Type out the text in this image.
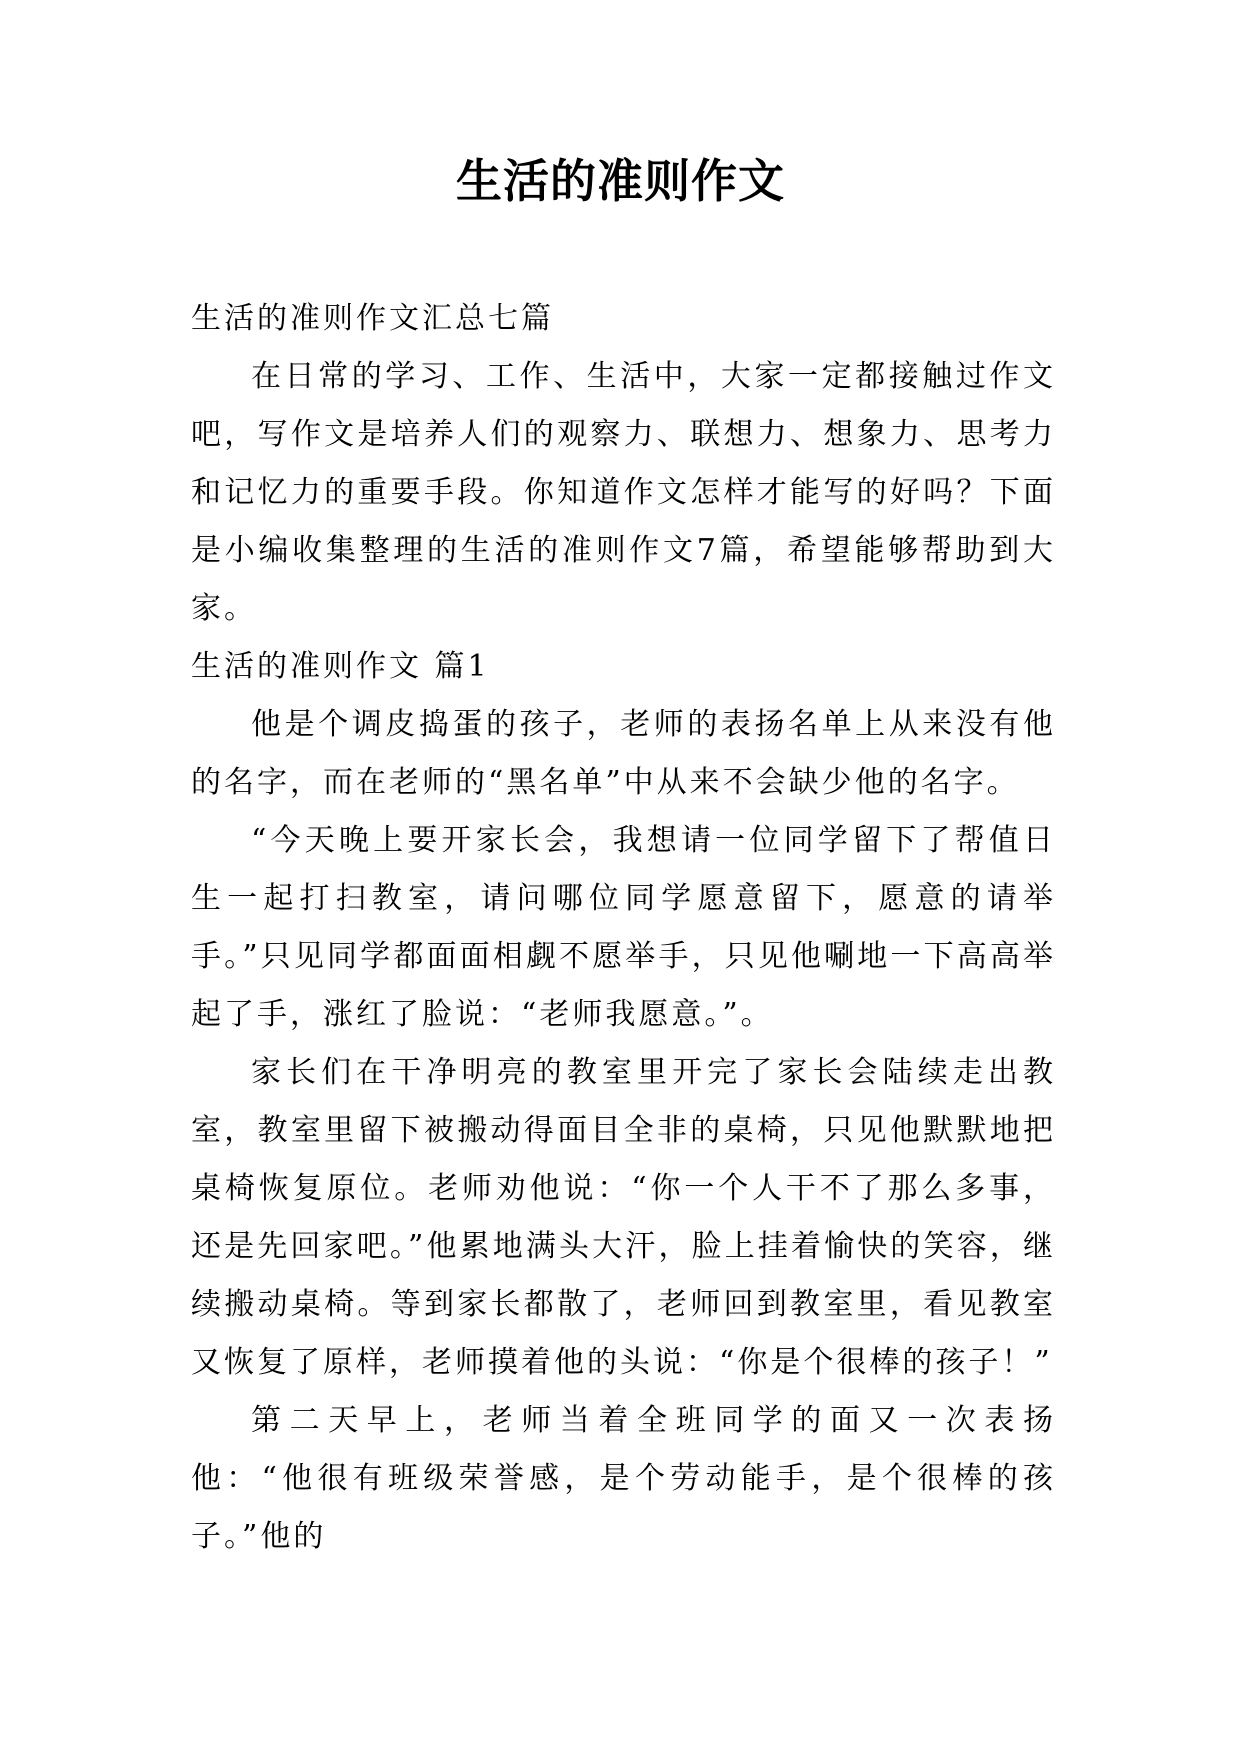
生活的准则作文

生活的准则作文汇总七篇

在日常的学习、工作、生活中，大家一定都接触过作文吧，写作文是培养人们的观察力、联想力、想象力、思考力和记忆力的重要手段。你知道作文怎样才能写的好吗？下面是小编收集整理的生活的准则作文7篇，希望能够帮助到大家。

生活的准则作文 篇1

他是个调皮捣蛋的孩子，老师的表扬名单上从来没有他的名字，而在老师的“黑名单”中从来不会缺少他的名字。

“今天晚上要开家长会，我想请一位同学留下了帮值日生一起打扫教室，请问哪位同学愿意留下，愿意的请举手。”只见同学都面面相觑不愿举手，只见他唰地一下高高举起了手，涨红了脸说：“老师我愿意。”。

家长们在干净明亮的教室里开完了家长会陆续走出教室，教室里留下被搬动得面目全非的桌椅，只见他默默地把桌椅恢复原位。老师劝他说：“你一个人干不了那么多事，还是先回家吧。”他累地满头大汗，脸上挂着愉快的笑容，继续搬动桌椅。等到家长都散了，老师回到教室里，看见教室又恢复了原样，老师摸着他的头说：“你是个很棒的孩子！”

第二天早上，老师当着全班同学的面又一次表扬他：“他很有班级荣誉感，是个劳动能手，是个很棒的孩子。”他的
